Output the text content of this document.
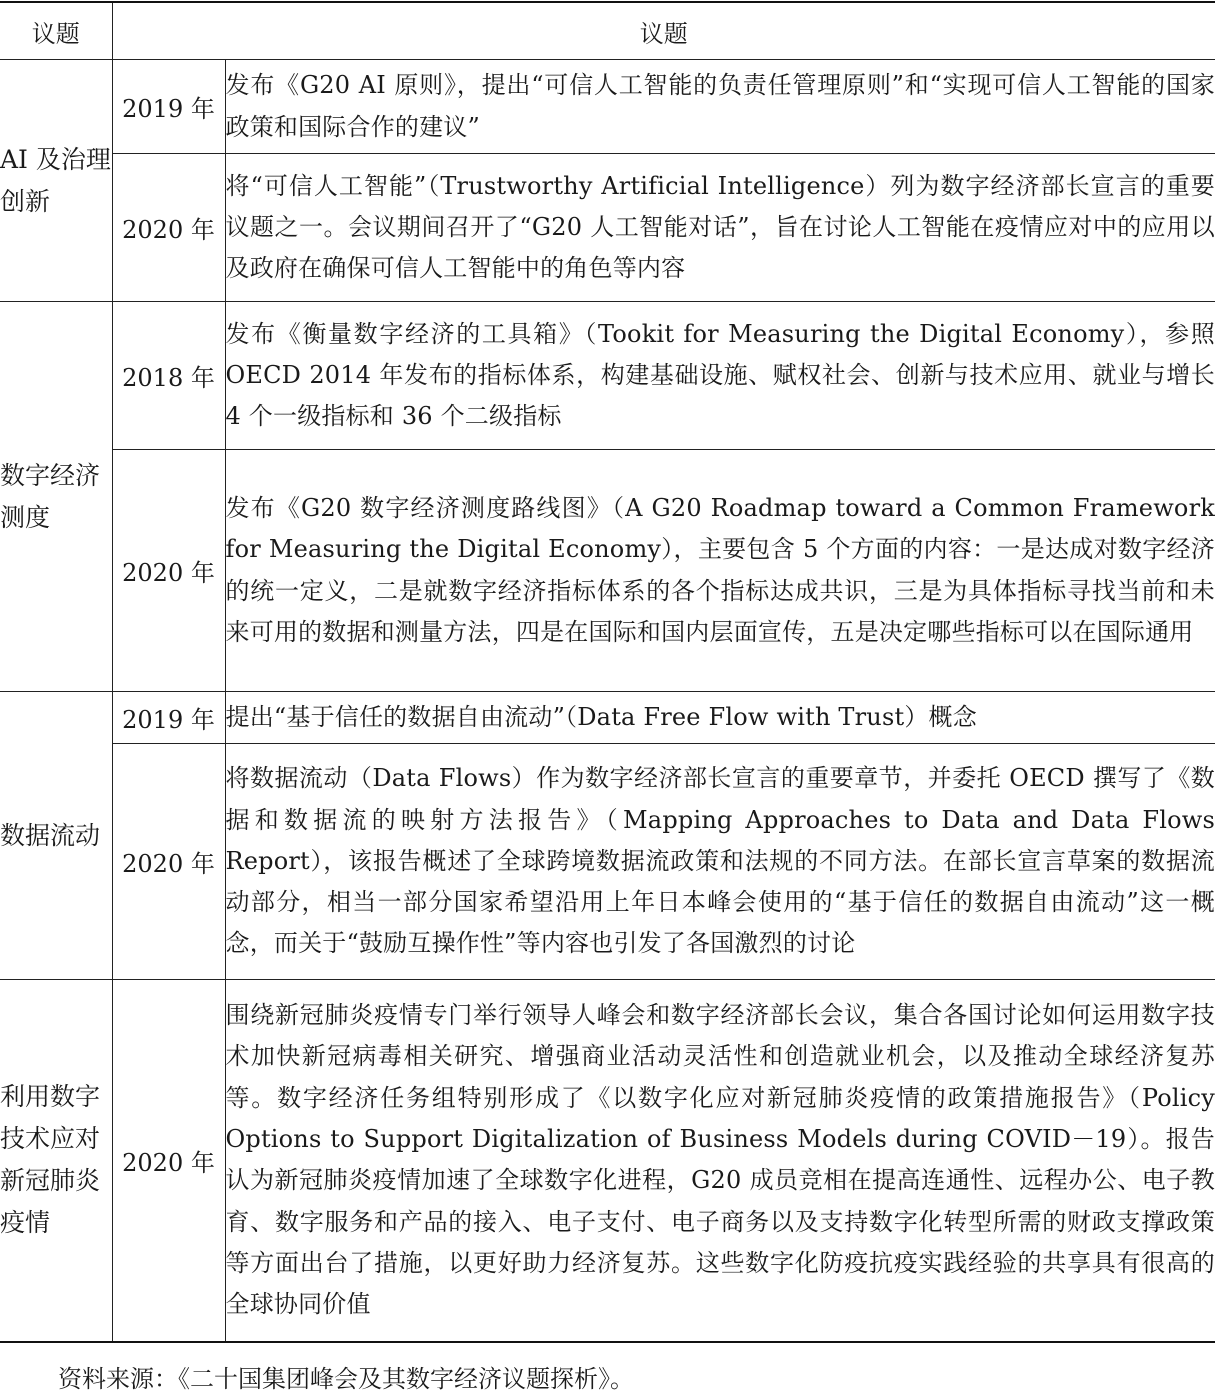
议题	议题	
AI 及治理创新	2019 年	发布《G20 AI 原则》，提出“可信人工智能的负责任管理原则”和“实现可信人工智能的国家政策和国际合作的建议”
	2020 年	将“可信人工智能”（Trustworthy Artificial Intelligence）列为数字经济部长宣言的重要议题之一。会议期间召开了“G20 人工智能对话”，旨在讨论人工智能在疫情应对中的应用以及政府在确保可信人工智能中的角色等内容
数字经济测度	2018 年	发布《衡量数字经济的工具箱》（Tookit for Measuring the Digital Economy），参照OECD 2014 年发布的指标体系，构建基础设施、赋权社会、创新与技术应用、就业与增长 4 个一级指标和 36 个二级指标
	2020 年	发布《G20 数字经济测度路线图》（A G20 Roadmap toward a Common Framework for Measuring the Digital Economy），主要包含 5 个方面的内容：一是达成对数字经济的统一定义，二是就数字经济指标体系的各个指标达成共识，三是为具体指标寻找当前和未来可用的数据和测量方法，四是在国际和国内层面宣传，五是决定哪些指标可以在国际通用
数据流动	2019 年	提出“基于信任的数据自由流动”（Data Free Flow with Trust）概念
	2020 年	将数据流动（Data Flows）作为数字经济部长宣言的重要章节，并委托 OECD 撰写了《数据和数据流的映射方法报告》（Mapping Approaches to Data and Data Flows Report），该报告概述了全球跨境数据流政策和法规的不同方法。在部长宣言草案的数据流动部分，相当一部分国家希望沿用上年日本峰会使用的“基于信任的数据自由流动”这一概念，而关于“鼓励互操作性”等内容也引发了各国激烈的讨论
利用数字技术应对新冠肺炎疫情	2020 年	围绕新冠肺炎疫情专门举行领导人峰会和数字经济部长会议，集合各国讨论如何运用数字技术加快新冠病毒相关研究、增强商业活动灵活性和创造就业机会，以及推动全球经济复苏等。数字经济任务组特别形成了《以数字化应对新冠肺炎疫情的政策措施报告》（Policy Options to Support Digitalization of Business Models during COVID－19）。报告认为新冠肺炎疫情加速了全球数字化进程，G20 成员竞相在提高连通性、远程办公、电子教育、数字服务和产品的接入、电子支付、电子商务以及支持数字化转型所需的财政支撑政策等方面出台了措施，以更好助力经济复苏。这些数字化防疫抗疫实践经验的共享具有很高的全球协同价值
资料来源：《二十国集团峰会及其数字经济议题探析》。
